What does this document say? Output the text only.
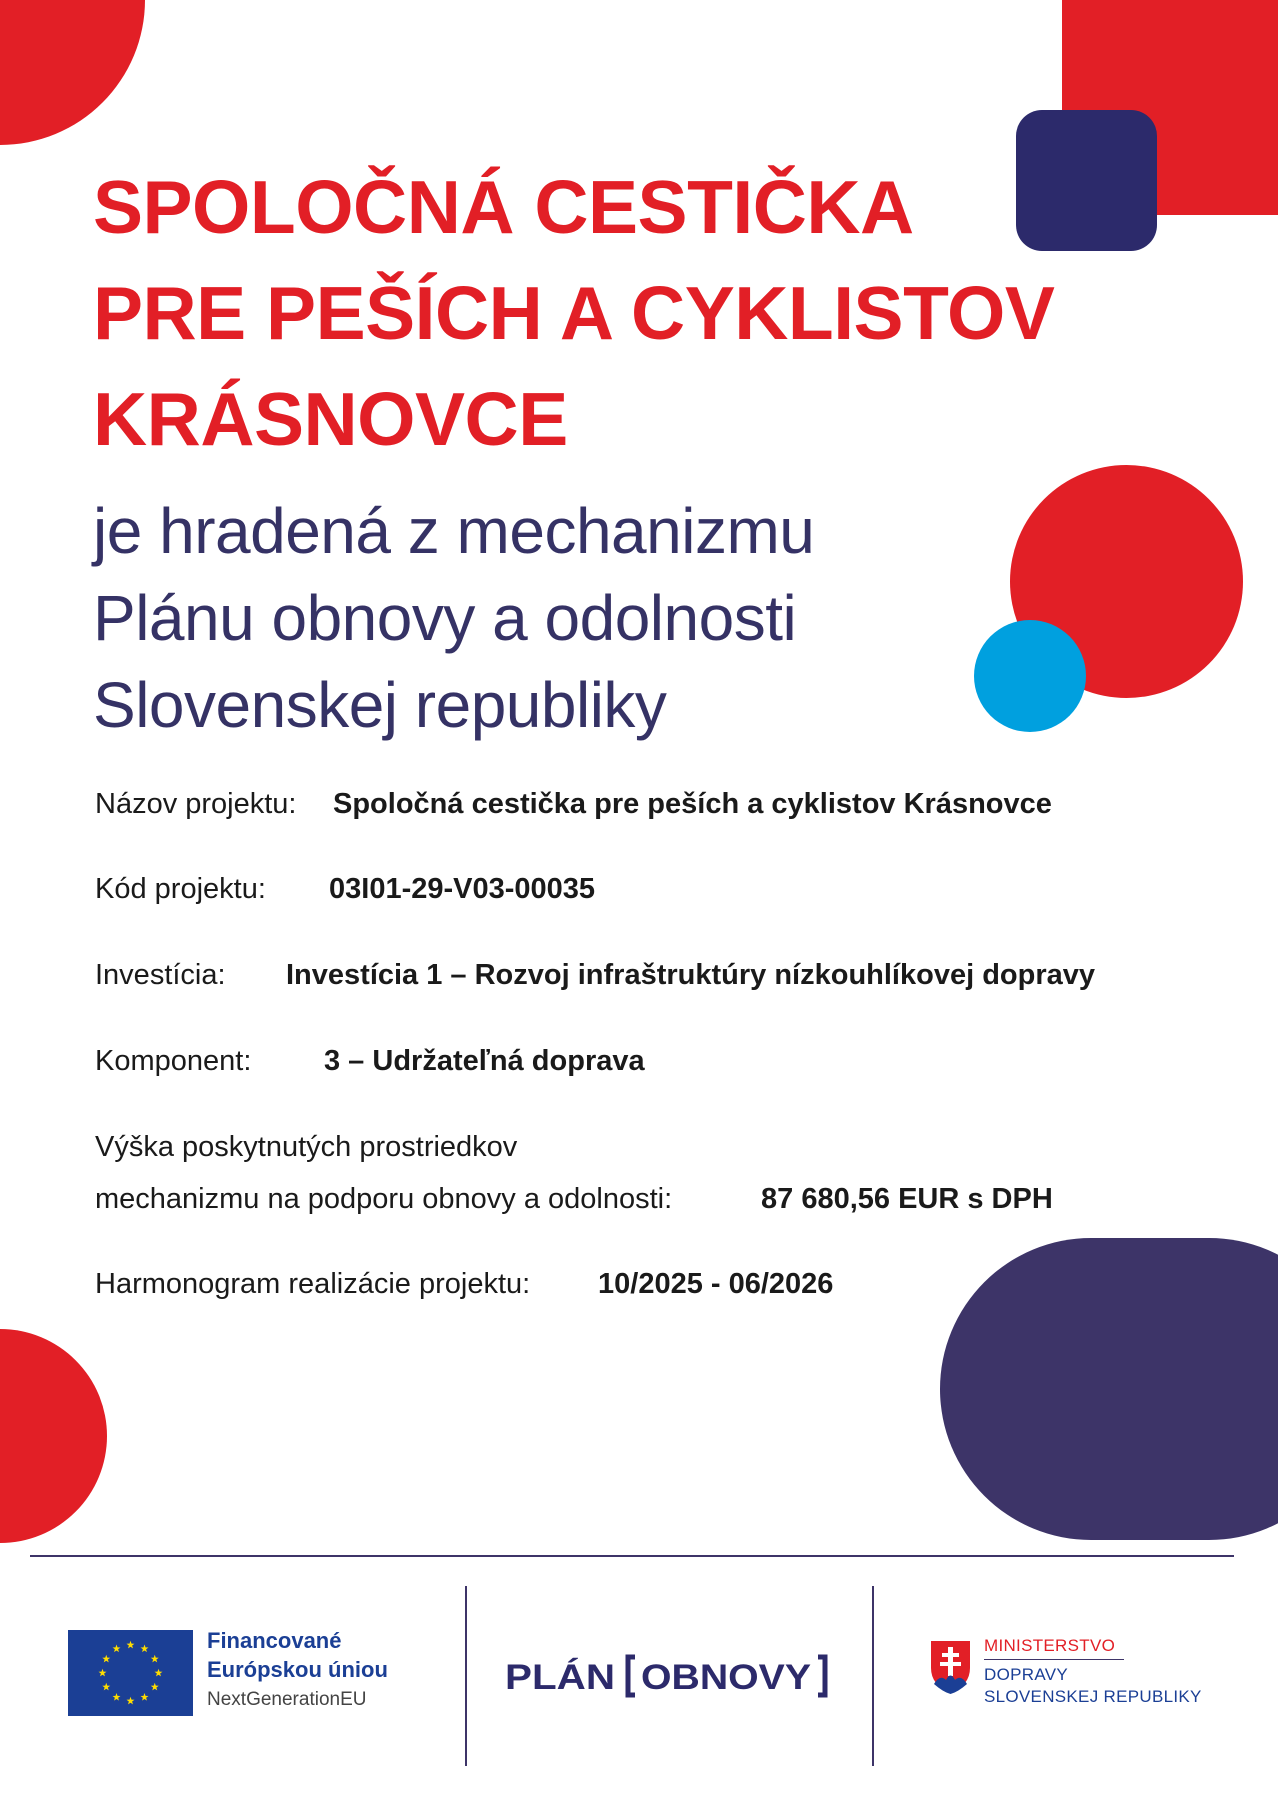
SPOLOČNÁ CESTIČKA
PRE PEŠÍCH A CYKLISTOV
KRÁSNOVCE
je hradená z mechanizmu
Plánu obnovy a odolnosti
Slovenskej republiky
Názov projektu: Spoločná cestička pre peších a cyklistov Krásnovce
Kód projektu: 03I01-29-V03-00035
Investícia: Investícia 1 – Rozvoj infraštruktúry nízkouhlíkovej dopravy
Komponent:	3 – Udržateľná doprava
Výška poskytnutých prostriedkov
mechanizmu na podporu obnovy a odolnosti:	87 680,56 EUR s DPH
Harmonogram realizácie projektu: 10/2025 - 06/2026
Financované
Európskou úniou
NextGenerationEU
PLÁN	OBNOVY
MINISTERSTVO
DOPRAVY
SLOVENSKEJ REPUBLIKY
